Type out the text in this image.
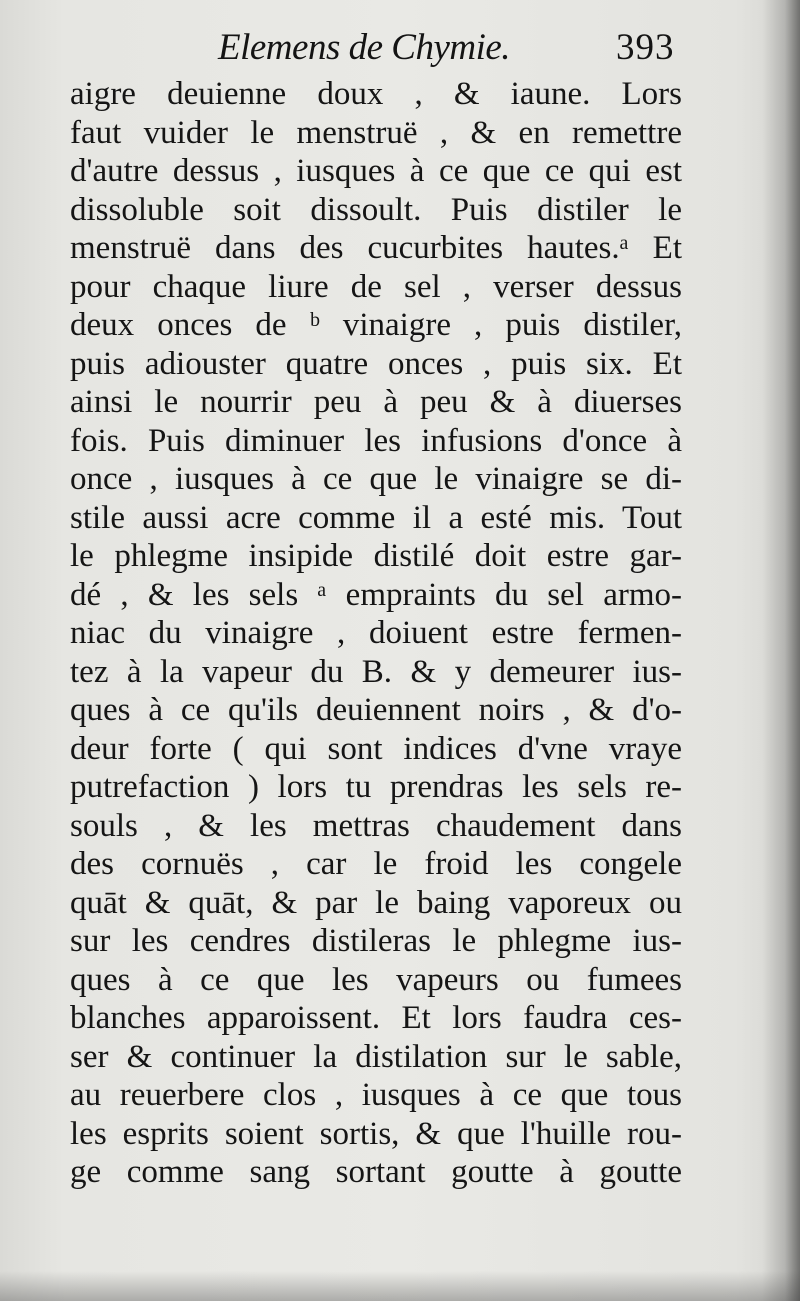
Elemens de Chymie.	393
aigre deuienne doux , & iaune. Lors
faut vuider le menstruë , & en remettre
d'autre dessus , iusques à ce que ce qui est
dissoluble soit dissoult. Puis distiler le
menstruë dans des cucurbites hautes.ᵃ Et
pour chaque liure de sel , verser dessus
deux onces de ᵇ vinaigre , puis distiler,
puis adiouster quatre onces , puis six. Et
ainsi le nourrir peu à peu & à diuerses
fois. Puis diminuer les infusions d'once à
once , iusques à ce que le vinaigre se di-
stile aussi acre comme il a esté mis. Tout
le phlegme insipide distilé doit estre gar-
dé , & les sels ᵃ empraints du sel armo-
niac du vinaigre , doiuent estre fermen-
tez à la vapeur du B. & y demeurer ius-
ques à ce qu'ils deuiennent noirs , & d'o-
deur forte ( qui sont indices d'vne vraye
putrefaction ) lors tu prendras les sels re-
souls , & les mettras chaudement dans
des cornuës , car le froid les congele
quāt & quāt, & par le baing vaporeux ou
sur les cendres distileras le phlegme ius-
ques à ce que les vapeurs ou fumees
blanches apparoissent. Et lors faudra ces-
ser & continuer la distilation sur le sable,
au reuerbere clos , iusques à ce que tous
les esprits soient sortis, & que l'huille rou-
ge comme sang sortant goutte à goutte
